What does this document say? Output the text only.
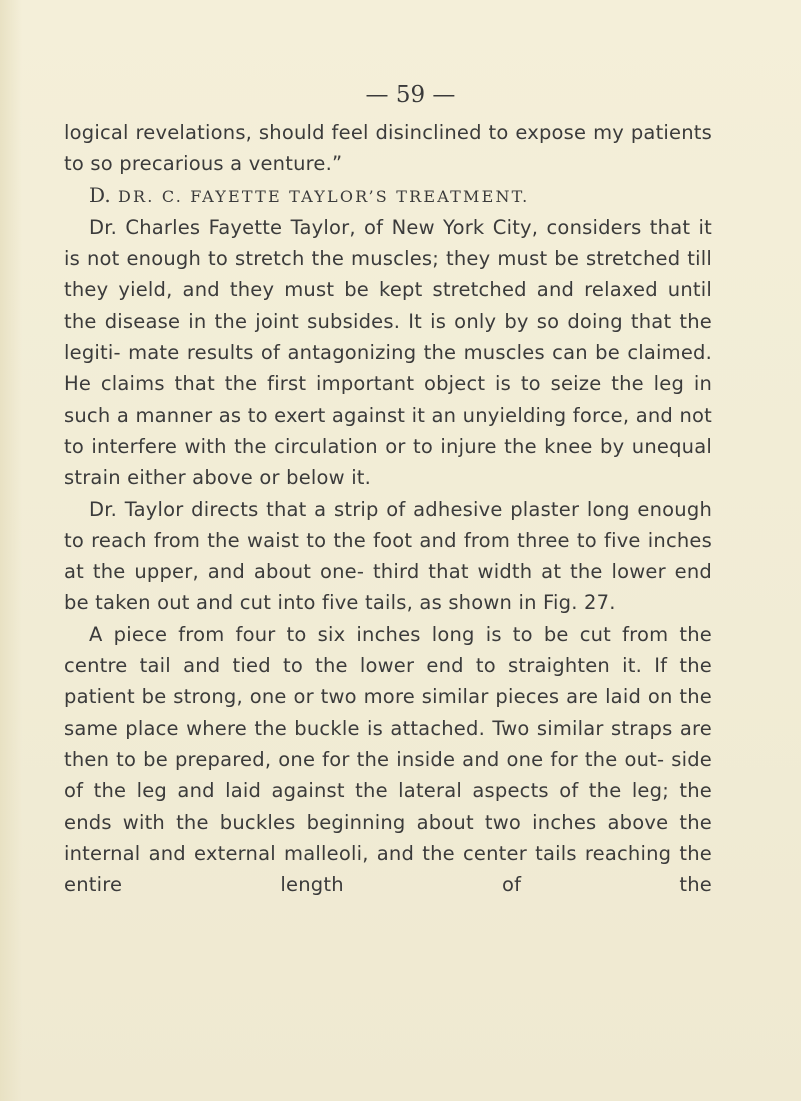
— 59 —

logical revelations, should feel disinclined to expose my patients to so precarious a venture.”

D. DR. C. FAYETTE TAYLOR’S TREATMENT.

Dr. Charles Fayette Taylor, of New York City, considers that it is not enough to stretch the muscles; they must be stretched till they yield, and they must be kept stretched and relaxed until the disease in the joint subsides. It is only by so doing that the legiti- mate results of antagonizing the muscles can be claimed. He claims that the first important object is to seize the leg in such a manner as to exert against it an unyielding force, and not to interfere with the circulation or to injure the knee by unequal strain either above or below it.

Dr. Taylor directs that a strip of adhesive plaster long enough to reach from the waist to the foot and from three to five inches at the upper, and about one- third that width at the lower end be taken out and cut into five tails, as shown in Fig. 27.

A piece from four to six inches long is to be cut from the centre tail and tied to the lower end to straighten it. If the patient be strong, one or two more similar pieces are laid on the same place where the buckle is attached. Two similar straps are then to be prepared, one for the inside and one for the out- side of the leg and laid against the lateral aspects of the leg; the ends with the buckles beginning about two inches above the internal and external malleoli, and the center tails reaching the entire length of the
